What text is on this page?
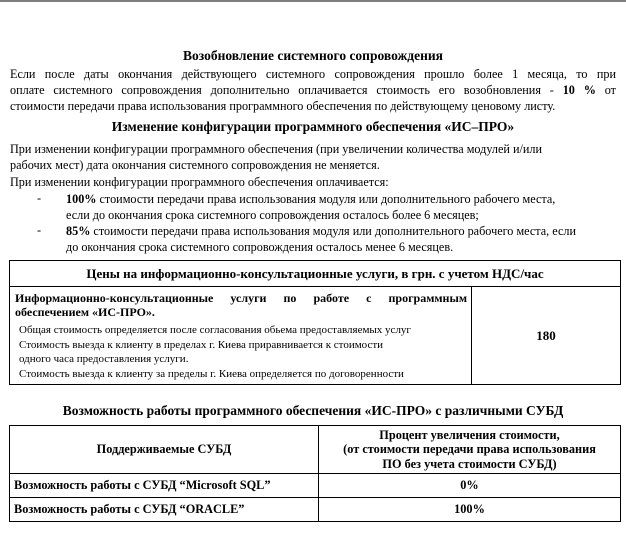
Возобновление системного сопровождения
Если после даты окончания действующего системного сопровождения прошло более 1 месяца, то при
оплате системного сопровождения дополнительно оплачивается стоимость его возобновления - 10 % от
стоимости передачи права использования программного обеспечения по действующему ценовому листу.
Изменение конфигурации программного обеспечения «ИС–ПРО»
При изменении конфигурации программного обеспечения (при увеличении количества модулей и/или
рабочих мест) дата окончания системного сопровождения не меняется.
При изменении конфигурации программного обеспечения оплачивается:
- 100% стоимости передачи права использования модуля или дополнительного рабочего места,
если до окончания срока системного сопровождения осталось более 6 месяцев;
- 85% стоимости передачи права использования модуля или дополнительного рабочего места, если
до окончания срока системного сопровождения осталось менее 6 месяцев.
Цены на информационно-консультационные услуги, в грн. с учетом НДС/час

Информационно-консультационные услуги по работе с программным
обеспечением «ИС-ПРО».
Общая стоимость определяется после согласования обьема предоставляемых услуг
Стоимость выезда к клиенту в пределах г. Киева приравнивается к стоимости
одного часа предоставления услуги.
Стоимость выезда к клиенту за пределы г. Киева определяется по договоренности
	180
Возможность работы программного обеспечения «ИС-ПРО» с различными СУБД
Поддерживаемые СУБД	Процент увеличения стоимости,
(от стоимости передачи права использования
ПО без учета стоимости СУБД)

Возможность работы с СУБД “Microsoft SQL”	0%
Возможность работы с СУБД “ORACLE”	100%
